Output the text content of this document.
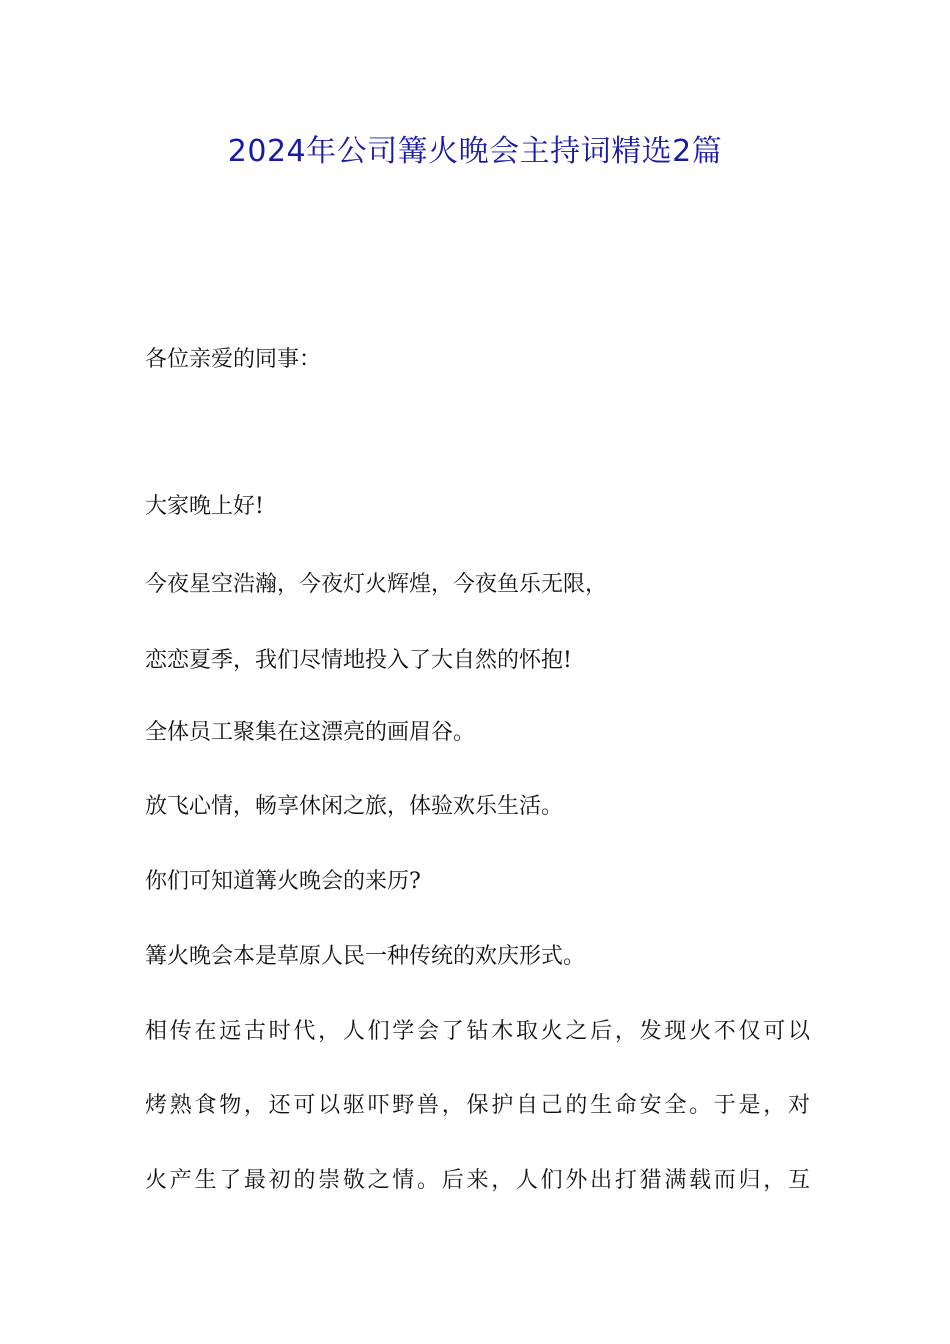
2024年公司篝火晚会主持词精选2篇

各位亲爱的同事：

大家晚上好!

今夜星空浩瀚，今夜灯火辉煌，今夜鱼乐无限，

恋恋夏季，我们尽情地投入了大自然的怀抱!

全体员工聚集在这漂亮的画眉谷。

放飞心情，畅享休闲之旅，体验欢乐生活。

你们可知道篝火晚会的来历?

篝火晚会本是草原人民一种传统的欢庆形式。

相传在远古时代，人们学会了钻木取火之后，发现火不仅可以

烤熟食物，还可以驱吓野兽，保护自己的生命安全。于是，对

火产生了最初的崇敬之情。后来，人们外出打猎满载而归，互
